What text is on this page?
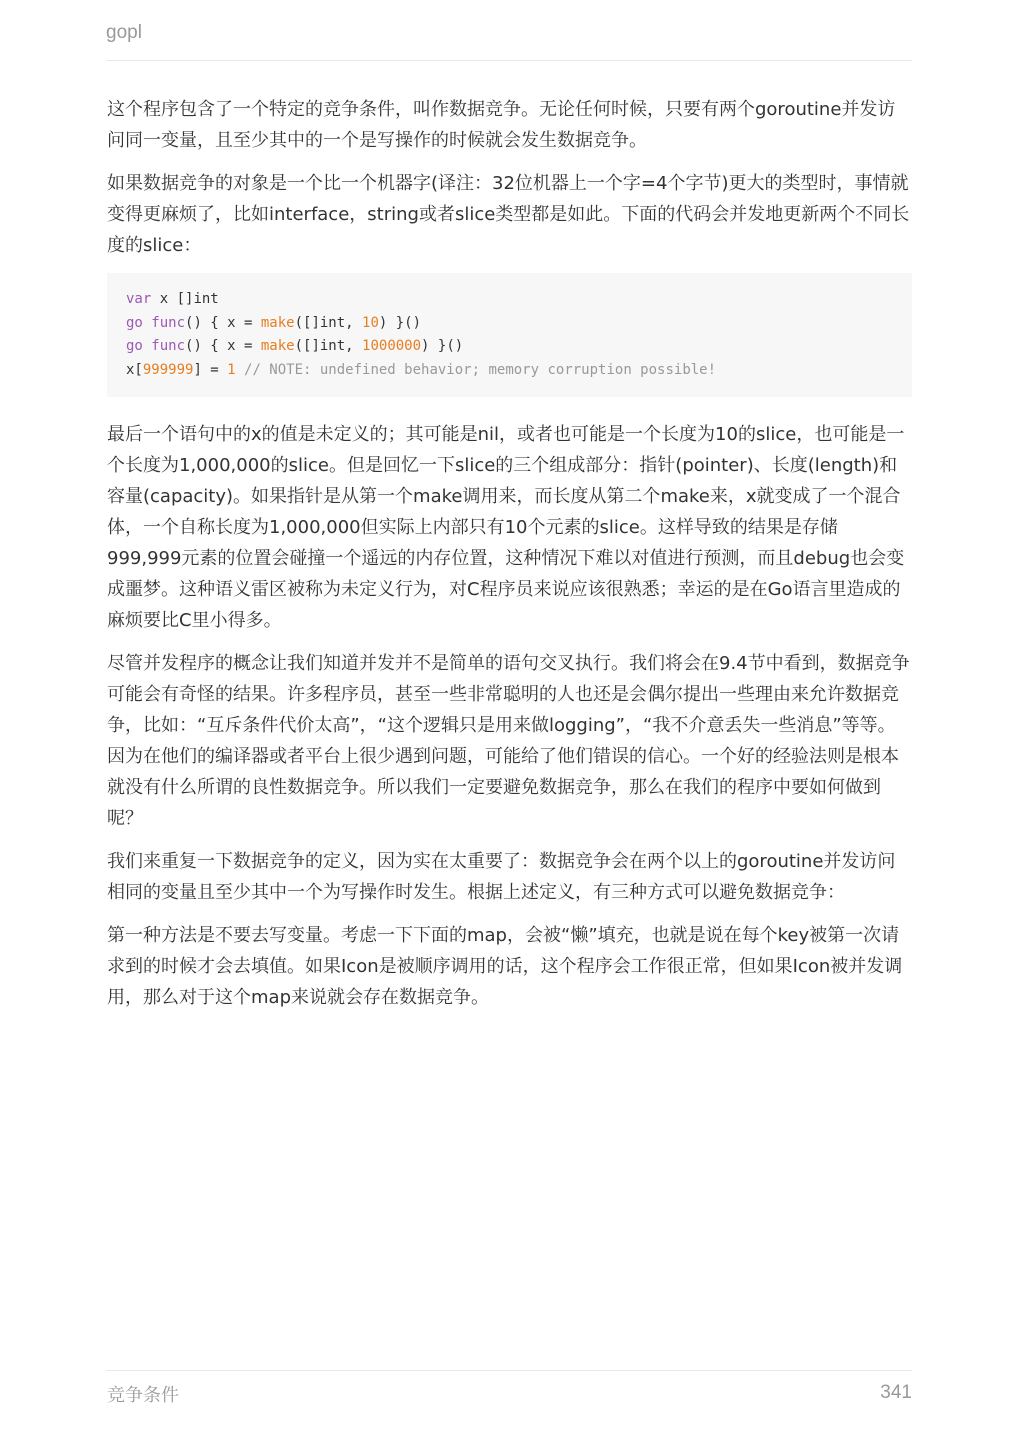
gopl

这个程序包含了一个特定的竞争条件，叫作数据竞争。无论任何时候，只要有两个goroutine并发访问同一变量，且至少其中的一个是写操作的时候就会发生数据竞争。

如果数据竞争的对象是一个比一个机器字(译注：32位机器上一个字=4个字节)更大的类型时，事情就变得更麻烦了，比如interface，string或者slice类型都是如此。下面的代码会并发地更新两个不同长度的slice：

var x []int
go func() { x = make([]int, 10) }()
go func() { x = make([]int, 1000000) }()
x[999999] = 1 // NOTE: undefined behavior; memory corruption possible!

最后一个语句中的x的值是未定义的；其可能是nil，或者也可能是一个长度为10的slice，也可能是一个长度为1,000,000的slice。但是回忆一下slice的三个组成部分：指针(pointer)、长度(length)和容量(capacity)。如果指针是从第一个make调用来，而长度从第二个make来，x就变成了一个混合体，一个自称长度为1,000,000但实际上内部只有10个元素的slice。这样导致的结果是存储999,999元素的位置会碰撞一个遥远的内存位置，这种情况下难以对值进行预测，而且debug也会变成噩梦。这种语义雷区被称为未定义行为，对C程序员来说应该很熟悉；幸运的是在Go语言里造成的麻烦要比C里小得多。

尽管并发程序的概念让我们知道并发并不是简单的语句交叉执行。我们将会在9.4节中看到，数据竞争可能会有奇怪的结果。许多程序员，甚至一些非常聪明的人也还是会偶尔提出一些理由来允许数据竞争，比如：“互斥条件代价太高”，“这个逻辑只是用来做logging”，“我不介意丢失一些消息”等等。因为在他们的编译器或者平台上很少遇到问题，可能给了他们错误的信心。一个好的经验法则是根本就没有什么所谓的良性数据竞争。所以我们一定要避免数据竞争，那么在我们的程序中要如何做到呢？

我们来重复一下数据竞争的定义，因为实在太重要了：数据竞争会在两个以上的goroutine并发访问相同的变量且至少其中一个为写操作时发生。根据上述定义，有三种方式可以避免数据竞争：

第一种方法是不要去写变量。考虑一下下面的map，会被“懒”填充，也就是说在每个key被第一次请求到的时候才会去填值。如果Icon是被顺序调用的话，这个程序会工作很正常，但如果Icon被并发调用，那么对于这个map来说就会存在数据竞争。

竞争条件	341
